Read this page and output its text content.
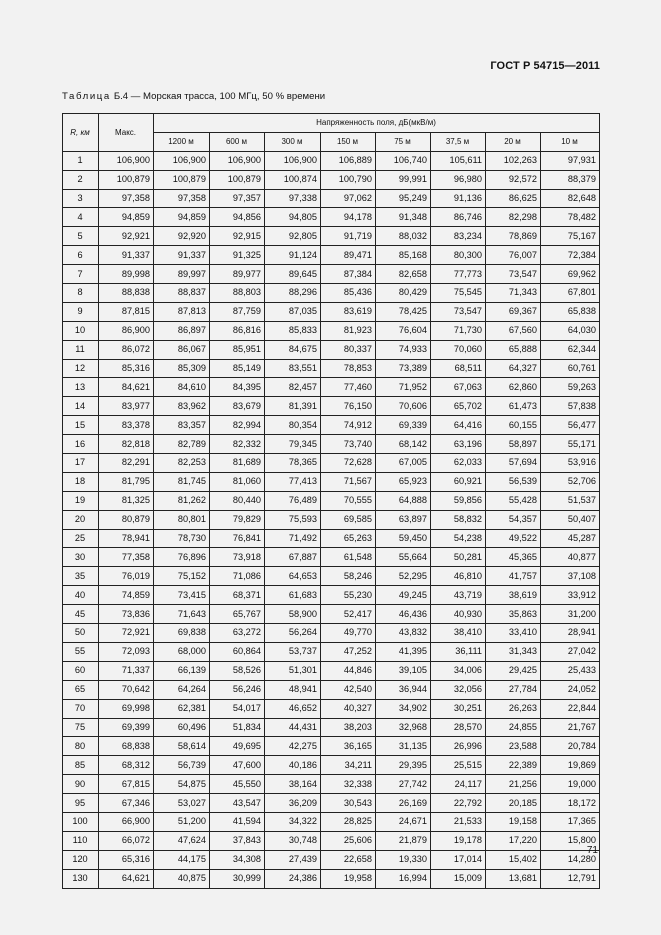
ГОСТ Р 54715—2011
Таблица Б.4 — Морская трасса, 100 МГц, 50 % времени
R, км	Макс.	Напряженность поля, дБ(мкВ/м)							
		1200 м	600 м	300 м	150 м	75 м	37,5 м	20 м	10 м
1	106,900	106,900	106,900	106,900	106,889	106,740	105,611	102,263	97,931
2	100,879	100,879	100,879	100,874	100,790	99,991	96,980	92,572	88,379
3	97,358	97,358	97,357	97,338	97,062	95,249	91,136	86,625	82,648
4	94,859	94,859	94,856	94,805	94,178	91,348	86,746	82,298	78,482
5	92,921	92,920	92,915	92,805	91,719	88,032	83,234	78,869	75,167
6	91,337	91,337	91,325	91,124	89,471	85,168	80,300	76,007	72,384
7	89,998	89,997	89,977	89,645	87,384	82,658	77,773	73,547	69,962
8	88,838	88,837	88,803	88,296	85,436	80,429	75,545	71,343	67,801
9	87,815	87,813	87,759	87,035	83,619	78,425	73,547	69,367	65,838
10	86,900	86,897	86,816	85,833	81,923	76,604	71,730	67,560	64,030
11	86,072	86,067	85,951	84,675	80,337	74,933	70,060	65,888	62,344
12	85,316	85,309	85,149	83,551	78,853	73,389	68,511	64,327	60,761
13	84,621	84,610	84,395	82,457	77,460	71,952	67,063	62,860	59,263
14	83,977	83,962	83,679	81,391	76,150	70,606	65,702	61,473	57,838
15	83,378	83,357	82,994	80,354	74,912	69,339	64,416	60,155	56,477
16	82,818	82,789	82,332	79,345	73,740	68,142	63,196	58,897	55,171
17	82,291	82,253	81,689	78,365	72,628	67,005	62,033	57,694	53,916
18	81,795	81,745	81,060	77,413	71,567	65,923	60,921	56,539	52,706
19	81,325	81,262	80,440	76,489	70,555	64,888	59,856	55,428	51,537
20	80,879	80,801	79,829	75,593	69,585	63,897	58,832	54,357	50,407
25	78,941	78,730	76,841	71,492	65,263	59,450	54,238	49,522	45,287
30	77,358	76,896	73,918	67,887	61,548	55,664	50,281	45,365	40,877
35	76,019	75,152	71,086	64,653	58,246	52,295	46,810	41,757	37,108
40	74,859	73,415	68,371	61,683	55,230	49,245	43,719	38,619	33,912
45	73,836	71,643	65,767	58,900	52,417	46,436	40,930	35,863	31,200
50	72,921	69,838	63,272	56,264	49,770	43,832	38,410	33,410	28,941
55	72,093	68,000	60,864	53,737	47,252	41,395	36,111	31,343	27,042
60	71,337	66,139	58,526	51,301	44,846	39,105	34,006	29,425	25,433
65	70,642	64,264	56,246	48,941	42,540	36,944	32,056	27,784	24,052
70	69,998	62,381	54,017	46,652	40,327	34,902	30,251	26,263	22,844
75	69,399	60,496	51,834	44,431	38,203	32,968	28,570	24,855	21,767
80	68,838	58,614	49,695	42,275	36,165	31,135	26,996	23,588	20,784
85	68,312	56,739	47,600	40,186	34,211	29,395	25,515	22,389	19,869
90	67,815	54,875	45,550	38,164	32,338	27,742	24,117	21,256	19,000
95	67,346	53,027	43,547	36,209	30,543	26,169	22,792	20,185	18,172
100	66,900	51,200	41,594	34,322	28,825	24,671	21,533	19,158	17,365
110	66,072	47,624	37,843	30,748	25,606	21,879	19,178	17,220	15,800
120	65,316	44,175	34,308	27,439	22,658	19,330	17,014	15,402	14,280
130	64,621	40,875	30,999	24,386	19,958	16,994	15,009	13,681	12,791
71
